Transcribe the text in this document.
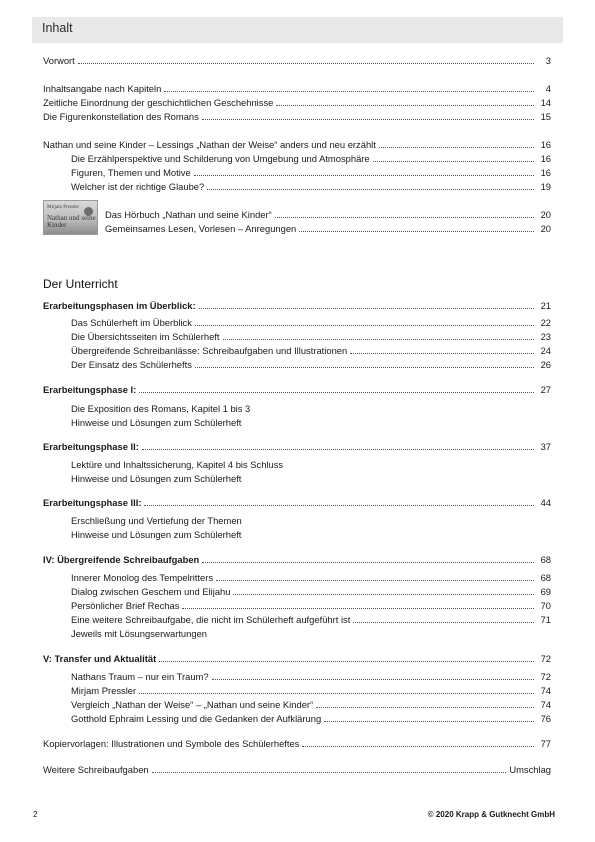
Inhalt
Vorwort	3
Inhaltsangabe nach Kapiteln	4
Zeitliche Einordnung der geschichtlichen Geschehnisse	14
Die Figurenkonstellation des Romans	15
Nathan und seine Kinder – Lessings „Nathan der Weise“ anders und neu erzählt	16
Die Erzählperspektive und Schilderung von Umgebung und Atmosphäre	16
Figuren, Themen und Motive	16
Welcher ist der richtige Glaube?	19
Das Hörbuch „Nathan und seine Kinder“	20
Gemeinsames Lesen, Vorlesen – Anregungen	20
Mirjam Pressler
Nathan und seine Kinder
Der Unterricht
Erarbeitungsphasen im Überblick:	21
Das Schülerheft im Überblick	22
Die Übersichtsseiten im Schülerheft	23
Übergreifende Schreibanlässe: Schreibaufgaben und Illustrationen	24
Der Einsatz des Schülerhefts	26
Erarbeitungsphase I:	27
Die Exposition des Romans, Kapitel 1 bis 3
Hinweise und Lösungen zum Schülerheft
Erarbeitungsphase II:	37
Lektüre und Inhaltssicherung, Kapitel 4 bis Schluss
Hinweise und Lösungen zum Schülerheft
Erarbeitungsphase III:	44
Erschließung und Vertiefung der Themen
Hinweise und Lösungen zum Schülerheft
IV: Übergreifende Schreibaufgaben	68
Innerer Monolog des Tempelritters	68
Dialog zwischen Geschem und Elijahu	69
Persönlicher Brief Rechas	70
Eine weitere Schreibaufgabe, die nicht im Schülerheft aufgeführt ist	71
Jeweils mit Lösungserwartungen
V: Transfer und Aktualität	72
Nathans Traum – nur ein Traum?	72
Mirjam Pressler	74
Vergleich „Nathan der Weise“ – „Nathan und seine Kinder“	74
Gotthold Ephraim Lessing und die Gedanken der Aufklärung	76
Kopiervorlagen: Illustrationen und Symbole des Schülerheftes	77
Weitere Schreibaufgaben	Umschlag
2	© 2020 Krapp & Gutknecht GmbH
